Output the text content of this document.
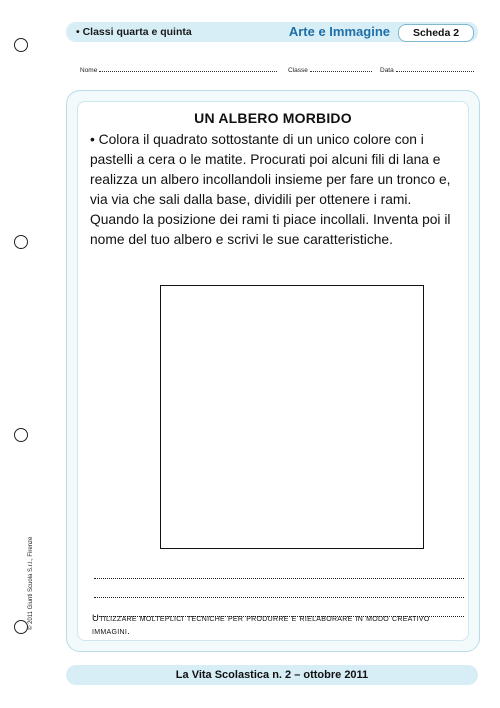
• Classi quarta e quinta	Arte e Immagine	Scheda 2
Nome	Classe	Data
UN ALBERO MORBIDO
• Colora il quadrato sottostante di un unico colore con i pastelli a cera o le matite. Procurati poi alcuni fili di lana e realizza un albero incollandoli insieme per fare un tronco e, via via che sali dalla base, dividili per ottenere i rami. Quando la posizione dei rami ti piace incollali. Inventa poi il nome del tuo albero e scrivi le sue caratteristiche.
Utilizzare molteplici tecniche per produrre e rielaborare in modo creativo immagini.
© 2011 Giunti Scuola S.r.l., Firenze
La Vita Scolastica n. 2 – ottobre 2011
